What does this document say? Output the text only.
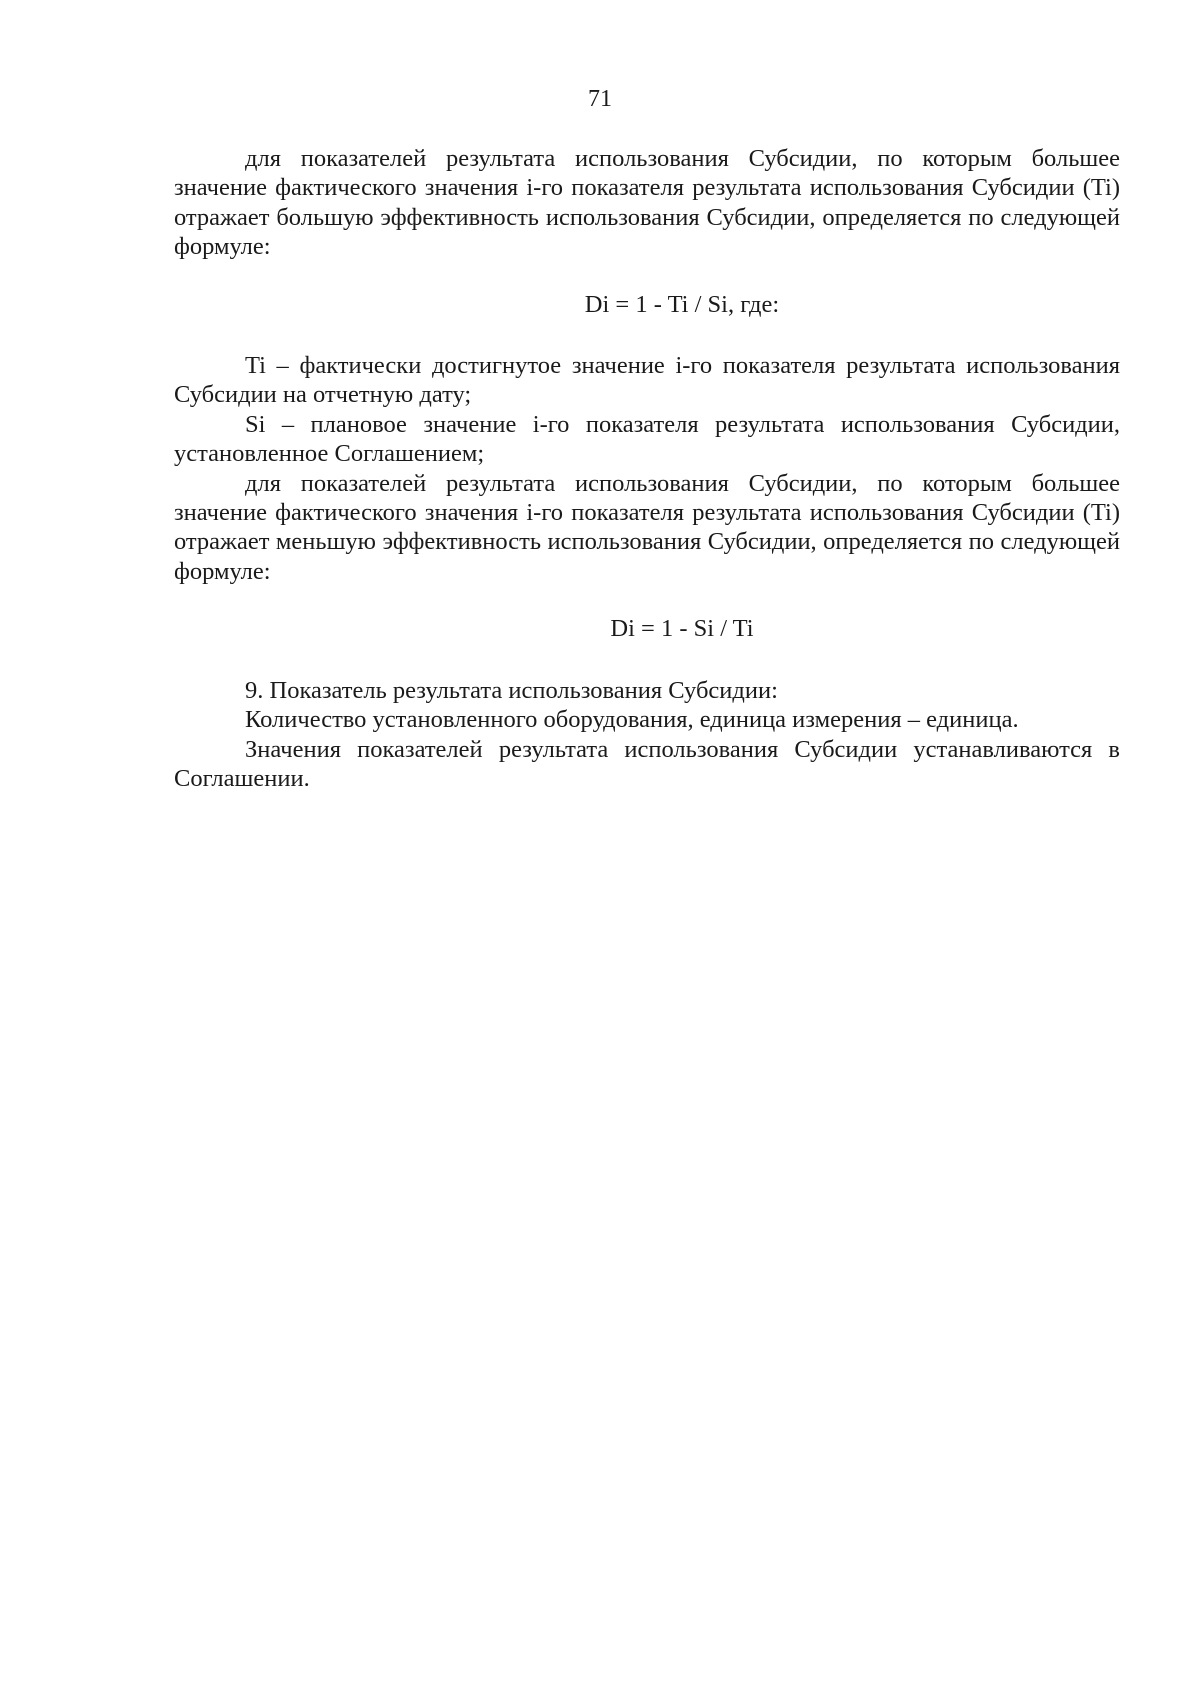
71

для показателей результата использования Субсидии, по которым большее значение фактического значения i-го показателя результата использования Субсидии (Ti) отражает большую эффективность использования Субсидии, определяется по следующей формуле:

Di = 1 - Ti / Si, где:

Ti – фактически достигнутое значение i-го показателя результата использования Субсидии на отчетную дату;

Si – плановое значение i-го показателя результата использования Субсидии, установленное Соглашением;

для показателей результата использования Субсидии, по которым большее значение фактического значения i-го показателя результата использования Субсидии (Ti) отражает меньшую эффективность использования Субсидии, определяется по следующей формуле:

Di = 1 - Si / Ti

9. Показатель результата использования Субсидии:

Количество установленного оборудования, единица измерения – единица.

Значения показателей результата использования Субсидии устанавливаются в Соглашении.
